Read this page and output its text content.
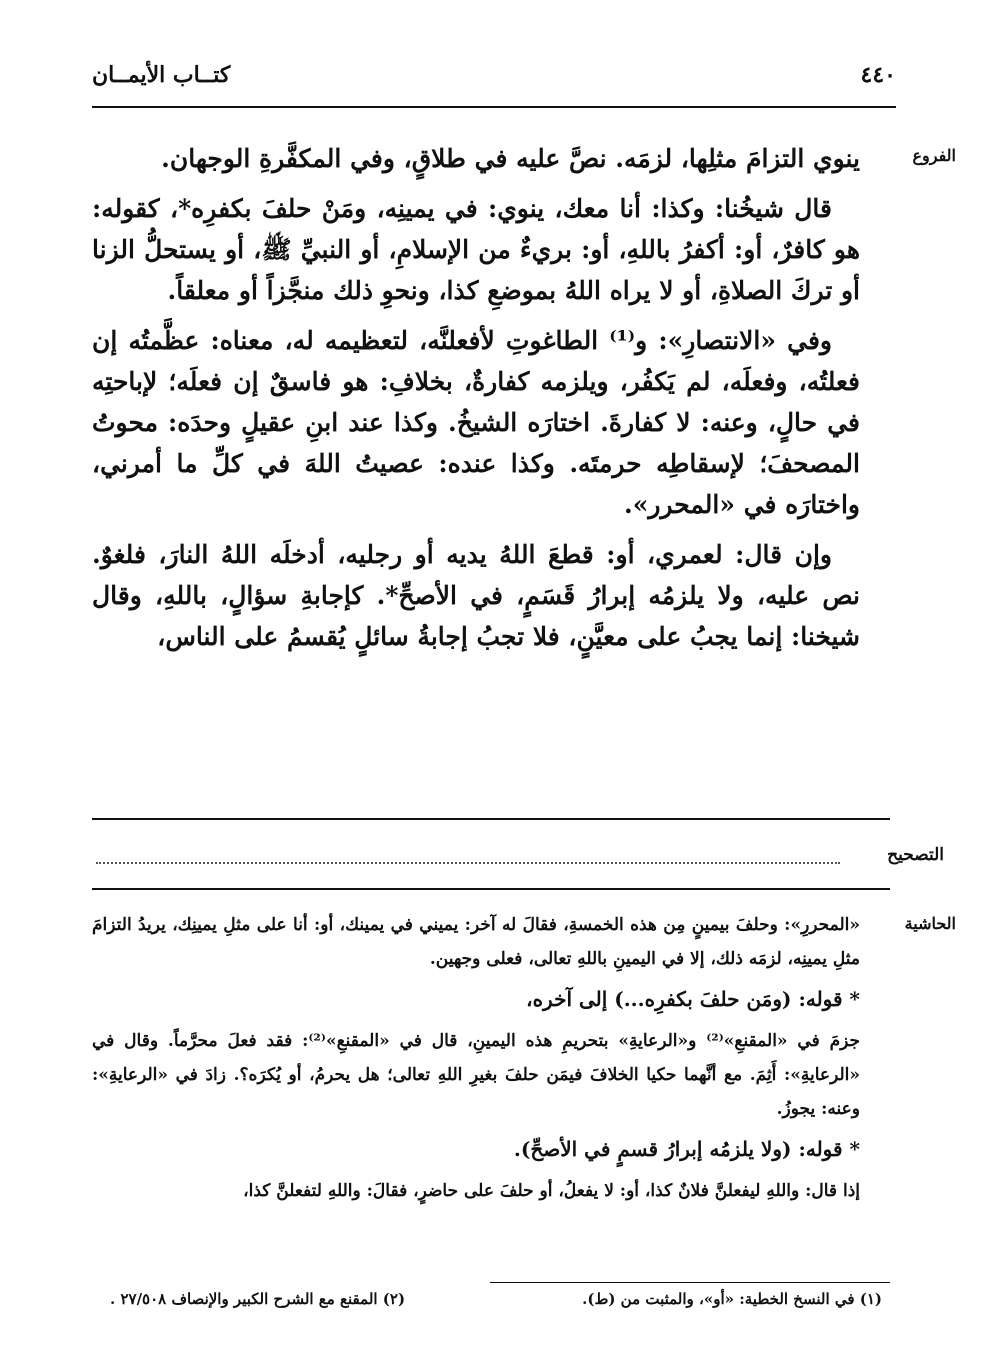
٤٤٠
كتــاب الأيمــان
الفروع

ينوي التزامَ مثلِها، لزمَه. نصَّ عليه في طلاقٍ، وفي المكفَّرةِ الوجهان.

قال شيخُنا: وكذا: أنا معك، ينوي: في يمينِه، ومَنْ حلفَ بكفرِه*، كقوله: هو كافرٌ، أو: أكفرُ باللهِ، أو: بريءٌ من الإسلامِ، أو النبيِّ ﷺ، أو يستحلُّ الزنا أو تركَ الصلاةِ، أو لا يراه اللهُ بموضعِ كذا، ونحوِ ذلك منجَّزاً أو معلقاً.

وفي «الانتصارِ»: و⁽¹⁾ الطاغوتِ لأفعلنَّه، لتعظيمه له، معناه: عظَّمتُه إن فعلتُه، وفعلَه، لم يَكفُر، ويلزمه كفارةٌ، بخلافِ: هو فاسقٌ إن فعلَه؛ لإباحتِه في حالٍ، وعنه: لا كفارةَ. اختارَه الشيخُ. وكذا عند ابنِ عقيلٍ وحدَه: محوتُ المصحفَ؛ لإسقاطِه حرمتَه. وكذا عنده: عصيتُ اللهَ في كلِّ ما أمرني، واختارَه في «المحرر».

وإن قال: لعمري، أو: قطعَ اللهُ يديه أو رجليه، أدخلَه اللهُ النارَ، فلغوٌ. نص عليه، ولا يلزمُه إبرارُ قَسَمٍ، في الأصحِّ*. كإجابةِ سؤالٍ، باللهِ، وقال شيخنا: إنما يجبُ على معيَّنٍ، فلا تجبُ إجابةُ سائلٍ يُقسمُ على الناس،

التصحيح
الحاشية

«المحررِ»: وحلفَ بيمينٍ مِن هذه الخمسةِ، فقالَ له آخر: يميني في يمينك، أو: أنا على مثلِ يمينِك، يريدُ التزامَ مثلِ يمينِه، لزمَه ذلك، إلا في اليمينِ باللهِ تعالى، فعلى وجهين.

* قوله: (ومَن حلفَ بكفرِه...) إلى آخره،

جزمَ في «المقنعِ»⁽²⁾ و«الرعايةِ» بتحريمِ هذه اليمينِ، قال في «المقنعِ»⁽²⁾: فقد فعلَ محرَّماً. وقال في «الرعايةِ»: أَثِمَ. مع أنَّهما حكيا الخلافَ فيمَن حلفَ بغيرِ اللهِ تعالى؛ هل يحرمُ، أو يُكرَه؟. زادَ في «الرعايةِ»: وعنه: يجوزُ.

* قوله: (ولا يلزمُه إبرارُ قسمٍ في الأصحِّ).

إذا قال: واللهِ ليفعلنَّ فلانٌ كذا، أو: لا يفعلُ، أو حلفَ على حاضرٍ، فقالَ: واللهِ لتفعلنَّ كذا،

(١) في النسخ الخطية: «أو»، والمثبت من (ط).
(٢) المقنع مع الشرح الكبير والإنصاف ٢٧/٥٠٨ .
